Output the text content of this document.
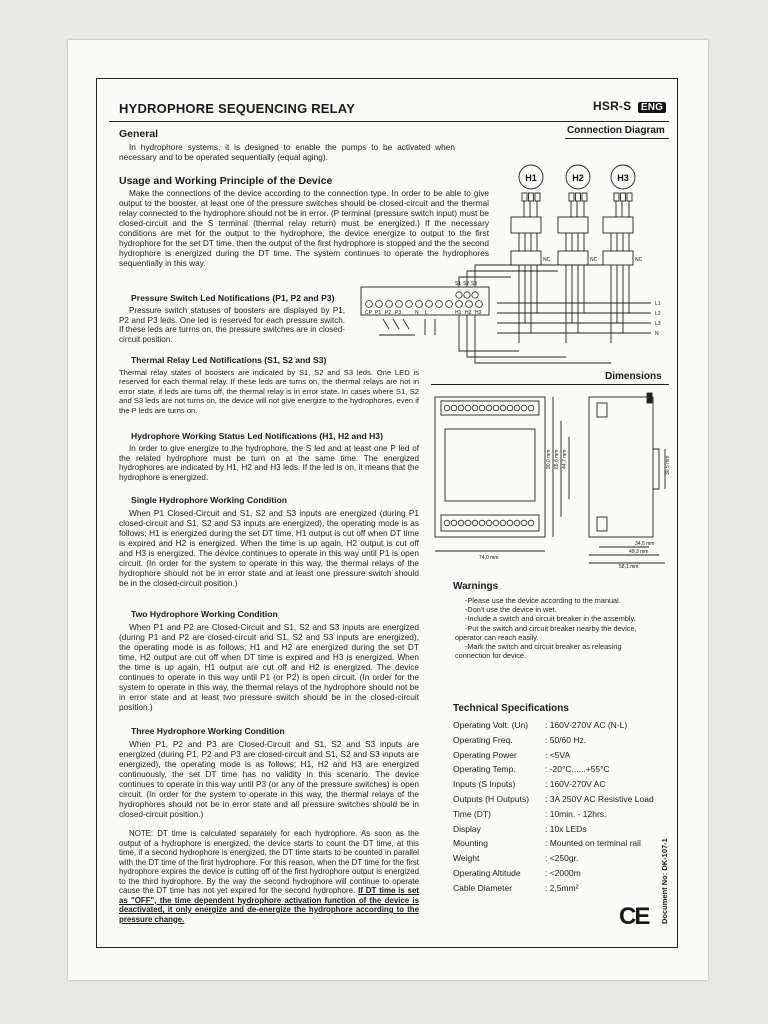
HYDROPHORE SEQUENCING RELAY	HSR-S ENG
General
In hydrophore systems, it is designed to enable the pumps to be activated when necessary and to be operated sequentially (equal aging).
Usage and Working Principle of the Device
Make the connections of the device according to the connection type. In order to be able to give output to the booster, at least one of the pressure switches should be closed-circuit and the thermal relay connected to the hydrophore should not be in error. (P terminal (pressure switch input) must be closed-circuit and the S terminal (thermal relay return) must be energized.) If the necessary conditions are met for the output to the hydrophore, the device energize to output to the first hydrophore for the set DT time, then the output of the first hydrophore is stopped and the the second hydrophore is energized during the DT time. The system continues to operate the hydrophores sequentially in this way.
Pressure Switch Led Notifications (P1, P2 and P3)
Pressure switch statuses of boosters are displayed by P1, P2 and P3 leds. One led is reserved for each pressure switch. If these leds are turrns on, the pressure switches are in closed-circuit position.
Thermal Relay Led Notifications (S1, S2 and S3)
Thermal relay states of boosters are indicated by S1, S2 and S3 leds. One LED is reserved for each thermal relay. If these leds are turns on, the thermal relays are not in error state, if leds are turns off, the thermal relay is in error state. In cases where S1, S2 and S3 leds are not turns on, the device will not give energize to the hydrophores, even if the P leds are turns on.
Hydrophore Working Status Led Notifications (H1, H2 and H3)
In order to give energize to the hydrophore, the S led and at least one P led of the related hydrophore must be turn on at the same time. The energized hydrophores are indicated by H1, H2 and H3 leds. If the led is on, it means that the hydrophore is energized.
Single Hydrophore Working Condition
When P1 Closed-Circuit and S1, S2 and S3 inputs are energized (during P1 closed-circuit and S1, S2 and S3 inputs are energized), the operating mode is as follows; H1 is energized during the set DT time, H1 output is cut off when DT time is expired and H2 is energized. When the time is up again, H2 output is cut off and H3 is energized. The device continues to operate in this way until P1 is open circuit. (In order for the system to operate in this way, the thermal relays of the hydrophore should not be in error state and at least one pressure switch should be in the closed-circuit position.)
Two Hydrophore Working Condition
When P1 and P2 are Closed-Circuit and S1, S2 and S3 inputs are energized (during P1 and P2 are closed-circuit and S1, S2 and S3 inputs are energized), the operating mode is as follows; H1 and H2 are energized during the set DT time, H2 output are cut off when DT time is expired and H3 is energized. When the time is up again, H1 output are cut off and H2 is energized. The device continues to operate in this way until P1 (or P2) is open circuit. (In order for the system to operate in this way, the thermal relays of the hydrophore should not be in error state and at least two pressure switch should be in the closed-circuit position.)
Three Hydrophore Working Condition
When P1, P2 and P3 are Closed-Circuit and S1, S2 and S3 inputs are energized (during P1, P2 and P3 are closed-circuit and S1, S2 and S3 inputs are energized), the operating mode is as follows; H1, H2 and H3 are energized continuously, the set DT time has no validity in this scenario. The device continues to operate in this way until P3 (or any of the pressure switches) is open circuit. (In order for the system to operate in this way, the thermal relays of the hydrophores should not be in error state and all pressure switches should be in closed-circuit position.)
NOTE: DT time is calculated separately for each hydrophore. As soon as the output of a hydrophore is energized, the device starts to count the DT time, at this time, if a second hydrophore is energized, the DT time starts to be counted in parallel with the DT time of the first hydrophore. For this reason, when the DT time for the first hydrophore expires the device is cutting off of the first hydrophore output is energized to the third hydrophore. By the way the second hydrophore will continue to operate cause the DT time has not yet expired for the second hydrophore. If DT time is set as "OFF", the time dependent hydrophore activation function of the device is deactivated, it only energize and de-energize the hydrophore according to the pressure change.
Connection Diagram
H1	H2	H3
L1
L2
L3
N
S1 S2 S3
CP P1 P2 P3	N L	H1 H2 H3
NC	NC	NC
Dimensions
90,0 mm 65,6 mm 44,7 mm	30,5 mm
74,0 mm
34,5 mm
49,3 mm
58,1 mm
Warnings
-Please use the device according to the manual.
-Don't use the device in wet.
-Include a switch and circuit breaker in the assembly.
-Put the switch and circuit breaker nearby the device,
operator can reach easily.
-Mark the switch and circuit breaker as releasing
connection for device.
Technical Specifications
Operating Volt. (Un)	: 160V-270V AC (N-L)
Operating Freq.	: 50/60 Hz.
Operating Power	: <5VA
Operating Temp.	: -20°C......+55°C
Inputs (S Inputs)	: 160V-270V AC
Outputs (H Outputs)	: 3A 250V AC Resistive Load
Time (DT)	: 10min. - 12hrs.
Display	: 10x LEDs
Mounting	: Mounted on terminal rail
Weight	: <250gr.
Operating Altitude	: <2000m
Cable Diameter	: 2,5mm²
CE Document No: DK-107-1
